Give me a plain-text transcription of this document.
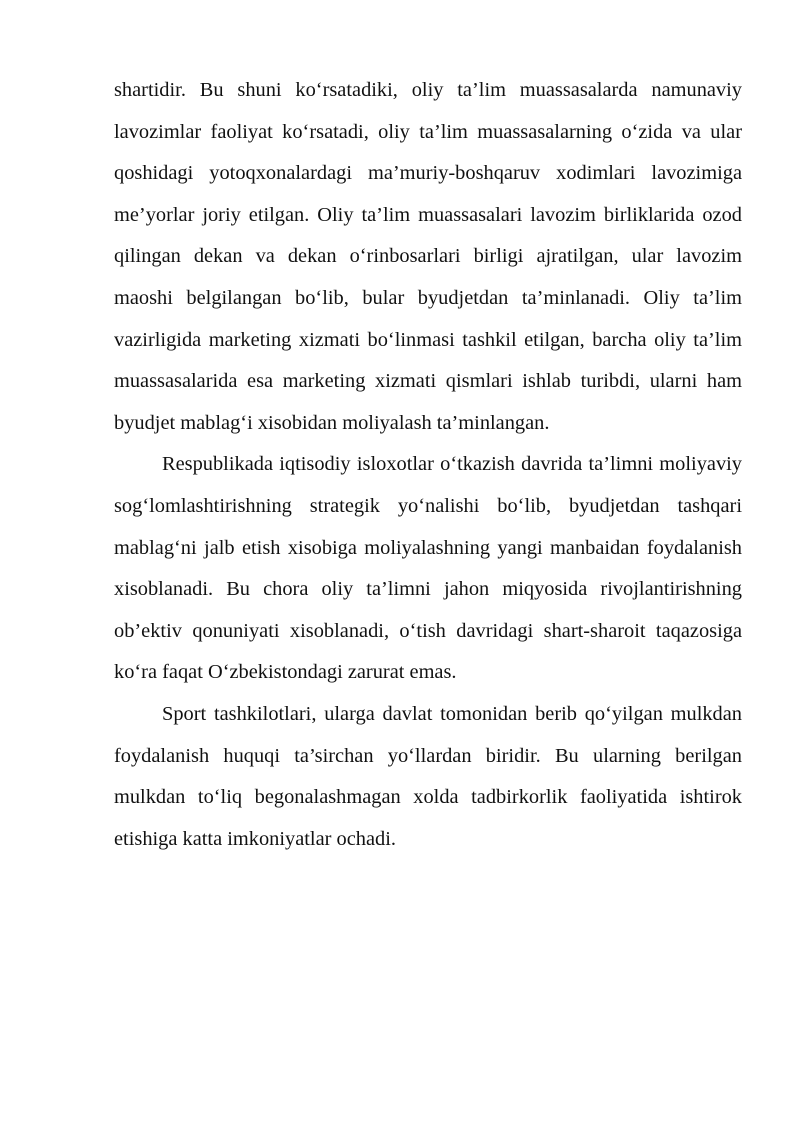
shartidir. Bu shuni ko‘rsatadiki, oliy ta’lim muassasalarda namunaviy lavozimlar faoliyat ko‘rsatadi, oliy ta’lim muassasalarning o‘zida va ular qoshidagi yotoqxonalardagi ma’muriy-boshqaruv xodimlari lavozimiga me’yorlar joriy etilgan. Oliy ta’lim muassasalari lavozim birliklarida ozod qilingan dekan va dekan o‘rinbosarlari birligi ajratilgan, ular lavozim maoshi belgilangan bo‘lib, bular byudjetdan ta’minlanadi. Oliy ta’lim vazirligida marketing xizmati bo‘linmasi tashkil etilgan, barcha oliy ta’lim muassasalarida esa marketing xizmati qismlari ishlab turibdi, ularni ham byudjet mablag‘i xisobidan moliyalash ta’minlangan.

Respublikada iqtisodiy isloxotlar o‘tkazish davrida ta’limni moliyaviy sog‘lomlashtirishning strategik yo‘nalishi bo‘lib, byudjetdan tashqari mablag‘ni jalb etish xisobiga moliyalashning yangi manbaidan foydalanish xisoblanadi. Bu chora oliy ta’limni jahon miqyosida rivojlantirishning ob’ektiv qonuniyati xisoblanadi, o‘tish davridagi shart-sharoit taqazosiga ko‘ra faqat O‘zbekistondagi zarurat emas.

Sport tashkilotlari, ularga davlat tomonidan berib qo‘yilgan mulkdan foydalanish huquqi ta’sirchan yo‘llardan biridir. Bu ularning berilgan mulkdan to‘liq begonalashmagan xolda tadbirkorlik faoliyatida ishtirok etishiga katta imkoniyatlar ochadi.
